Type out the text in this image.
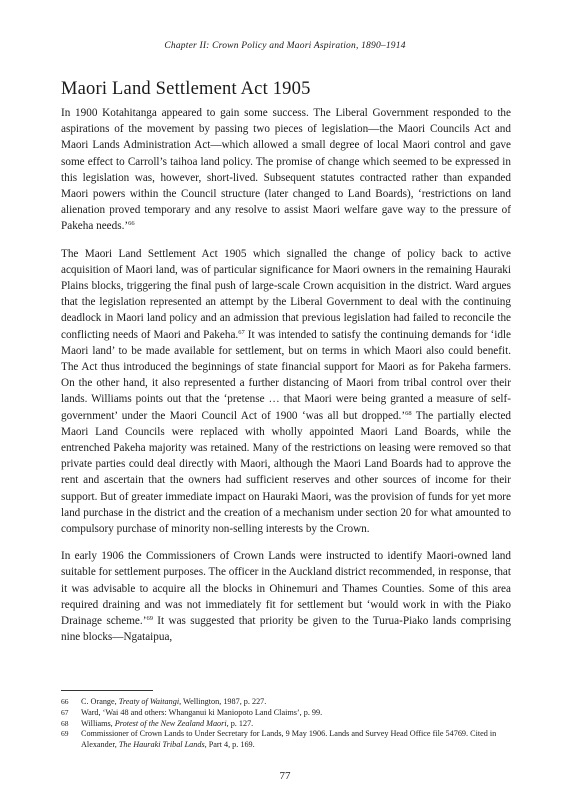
Chapter II: Crown Policy and Maori Aspiration, 1890–1914
Maori Land Settlement Act 1905

In 1900 Kotahitanga appeared to gain some success. The Liberal Government responded to the aspirations of the movement by passing two pieces of legislation—the Maori Councils Act and Maori Lands Administration Act—which allowed a small degree of local Maori control and gave some effect to Carroll’s taihoa land policy. The promise of change which seemed to be expressed in this legislation was, however, short-lived. Subsequent statutes contracted rather than expanded Maori powers within the Council structure (later changed to Land Boards), ‘restrictions on land alienation proved temporary and any resolve to assist Maori welfare gave way to the pressure of Pakeha needs.’$^{66}$

The Maori Land Settlement Act 1905 which signalled the change of policy back to active acquisition of Maori land, was of particular significance for Maori owners in the remaining Hauraki Plains blocks, triggering the final push of large-scale Crown acquisition in the district. Ward argues that the legislation represented an attempt by the Liberal Government to deal with the continuing deadlock in Maori land policy and an admission that previous legislation had failed to reconcile the conflicting needs of Maori and Pakeha.$^{67}$ It was intended to satisfy the continuing demands for ‘idle Maori land’ to be made available for settlement, but on terms in which Maori also could benefit. The Act thus introduced the beginnings of state financial support for Maori as for Pakeha farmers. On the other hand, it also represented a further distancing of Maori from tribal control over their lands. Williams points out that the ‘pretense … that Maori were being granted a measure of self-government’ under the Maori Council Act of 1900 ‘was all but dropped.’$^{68}$ The partially elected Maori Land Councils were replaced with wholly appointed Maori Land Boards, while the entrenched Pakeha majority was retained. Many of the restrictions on leasing were removed so that private parties could deal directly with Maori, although the Maori Land Boards had to approve the rent and ascertain that the owners had sufficient reserves and other sources of income for their support. But of greater immediate impact on Hauraki Maori, was the provision of funds for yet more land purchase in the district and the creation of a mechanism under section 20 for what amounted to compulsory purchase of minority non-selling interests by the Crown.

In early 1906 the Commissioners of Crown Lands were instructed to identify Maori-owned land suitable for settlement purposes. The officer in the Auckland district recommended, in response, that it was advisable to acquire all the blocks in Ohinemuri and Thames Counties. Some of this area required draining and was not immediately fit for settlement but ‘would work in with the Piako Drainage scheme.’$^{69}$ It was suggested that priority be given to the Turua-Piako lands comprising nine blocks—Ngataipua,

66	C. Orange, Treaty of Waitangi, Wellington, 1987, p. 227.
67	Ward, ‘Wai 48 and others: Whanganui ki Maniopoto Land Claims’, p. 99.
68	Williams, Protest of the New Zealand Maori, p. 127.
69	Commissioner of Crown Lands to Under Secretary for Lands, 9 May 1906. Lands and Survey Head Office file 54769. Cited in Alexander, The Hauraki Tribal Lands, Part 4, p. 169.
77
